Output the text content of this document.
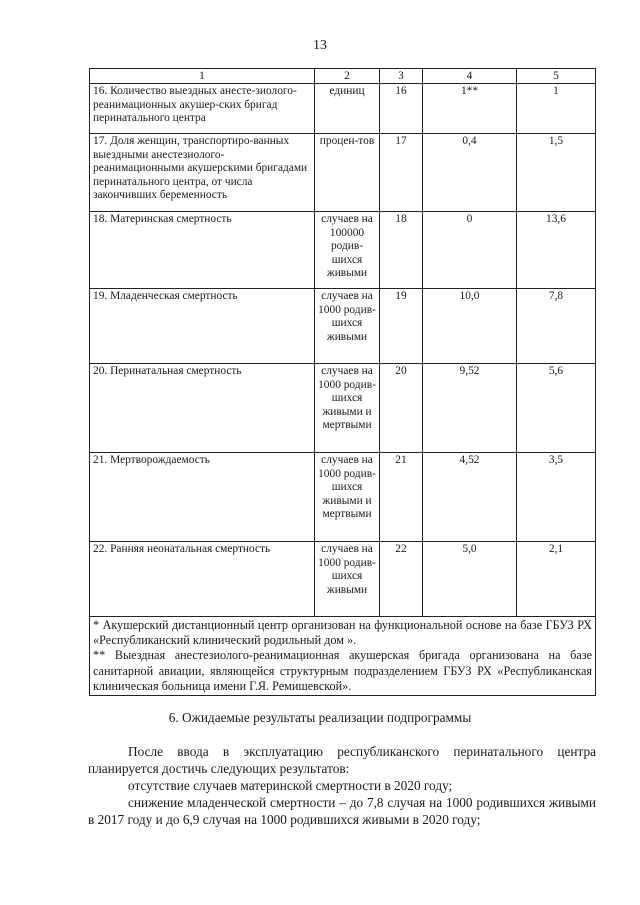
13
1	2	3	4	5
16. Количество выездных анесте-зиолого-реанимационных акушер-ских бригад перинатального центра	единиц	16	1**	1
17. Доля женщин, транспортиро-ванных выездными анестезиолого-реанимационными акушерскими бригадами перинатального центра, от числа закончивших беременность	процен-тов	17	0,4	1,5
18. Материнская смертность	случаев на 100000 родив-шихся живыми	18	0	13,6
19. Младенческая смертность	случаев на 1000 родив-шихся живыми	19	10,0	7,8
20. Перинатальная смертность	случаев на 1000 родив-шихся живыми и мертвыми	20	9,52	5,6
21. Мертворождаемость	случаев на 1000 родив-шихся живыми и мертвыми	21	4,52	3,5
22. Ранняя неонатальная смертность	случаев на 1000 родив-шихся живыми	22	5,0	2,1

* Акушерский дистанционный центр организован на функциональной основе на базе ГБУЗ РХ «Республиканский клинический родильный дом ».
** Выездная анестезиолого-реанимационная акушерская бригада организована на базе санитарной авиации, являющейся структурным подразделением ГБУЗ РХ «Республиканская клиническая больница имени Г.Я. Ремишевской».				
6. Ожидаемые результаты реализации подпрограммы
После ввода в эксплуатацию республиканского перинатального центра планируется достичь следующих результатов:
отсутствие случаев материнской смертности в 2020 году;
снижение младенческой смертности – до 7,8 случая на 1000 родившихся живыми в 2017 году и до 6,9 случая на 1000 родившихся живыми в 2020 году;
